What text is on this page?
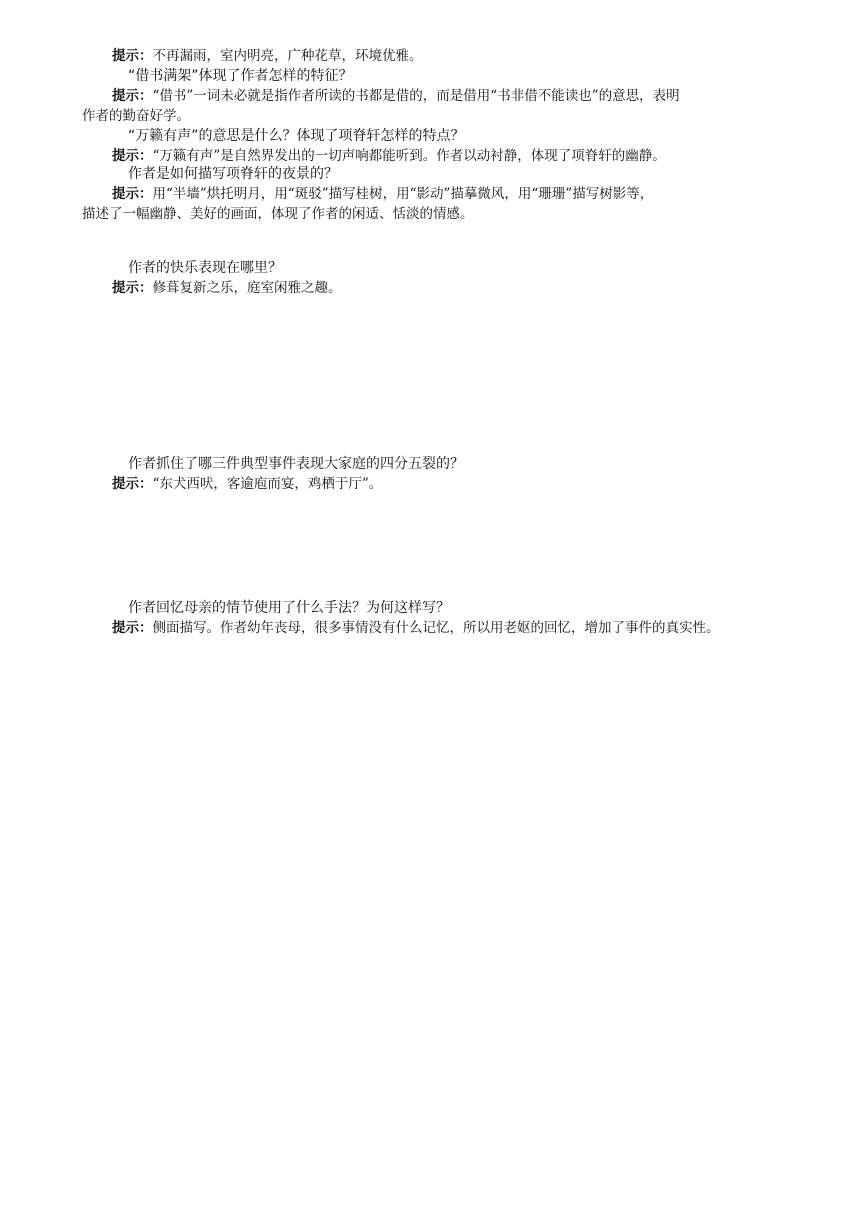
提示：不再漏雨，室内明亮，广种花草，环境优雅。
“借书满架”体现了作者怎样的特征？
提示：“借书”一词未必就是指作者所读的书都是借的，而是借用“书非借不能读也”的意思，表明
作者的勤奋好学。
“万籁有声”的意思是什么？体现了项脊轩怎样的特点？
提示：“万籁有声”是自然界发出的一切声响都能听到。作者以动衬静，体现了项脊轩的幽静。
作者是如何描写项脊轩的夜景的？
提示：用“半墙”烘托明月，用“斑驳”描写桂树，用“影动”描摹微风，用“珊珊”描写树影等，
描述了一幅幽静、美好的画面，体现了作者的闲适、恬淡的情感。
作者的快乐表现在哪里？
提示：修葺复新之乐，庭室闲雅之趣。
作者抓住了哪三件典型事件表现大家庭的四分五裂的？
提示：“东犬西吠，客逾庖而宴，鸡栖于厅”。
作者回忆母亲的情节使用了什么手法？为何这样写？
提示：侧面描写。作者幼年丧母，很多事情没有什么记忆，所以用老妪的回忆，增加了事件的真实性。
